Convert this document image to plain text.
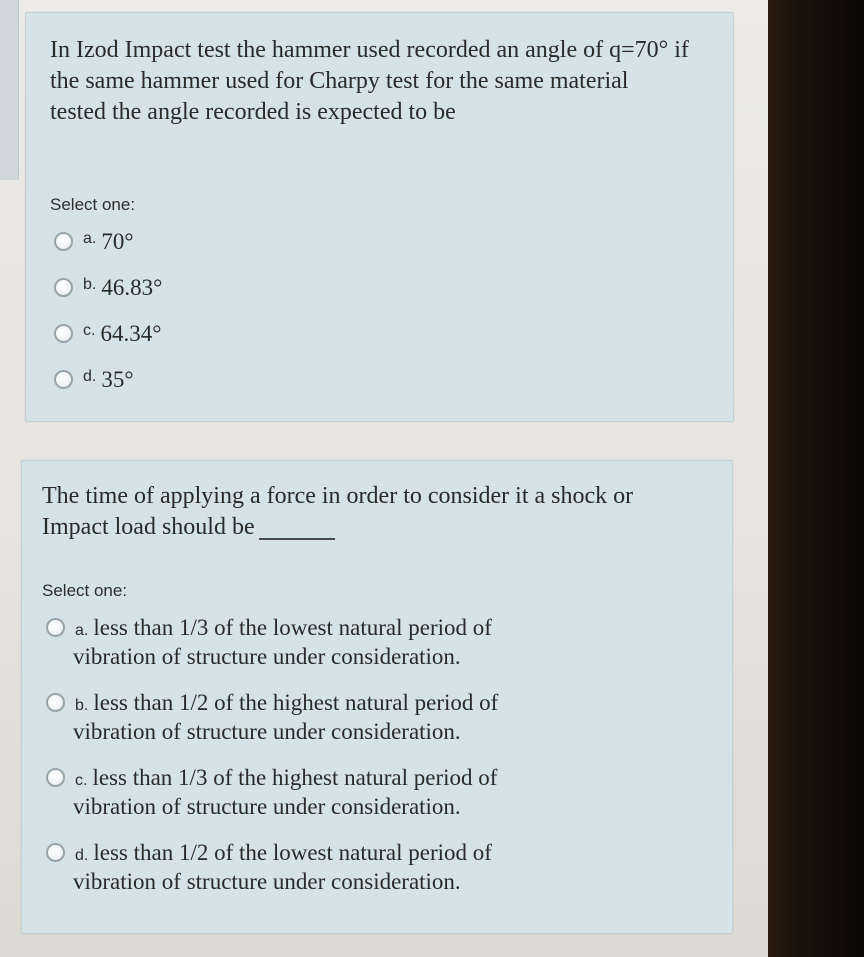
In Izod Impact test the hammer used recorded an angle of q=70° if the same hammer used for Charpy test for the same material tested the angle recorded is expected to be

Select one:
a. 70°
b. 46.83°
c. 64.34°
d. 35°

The time of applying a force in order to consider it a shock or Impact load should be

Select one:
a. less than 1/3 of the lowest natural period of
vibration of structure under consideration.
b. less than 1/2 of the highest natural period of
vibration of structure under consideration.
c. less than 1/3 of the highest natural period of
vibration of structure under consideration.
d. less than 1/2 of the lowest natural period of
vibration of structure under consideration.
